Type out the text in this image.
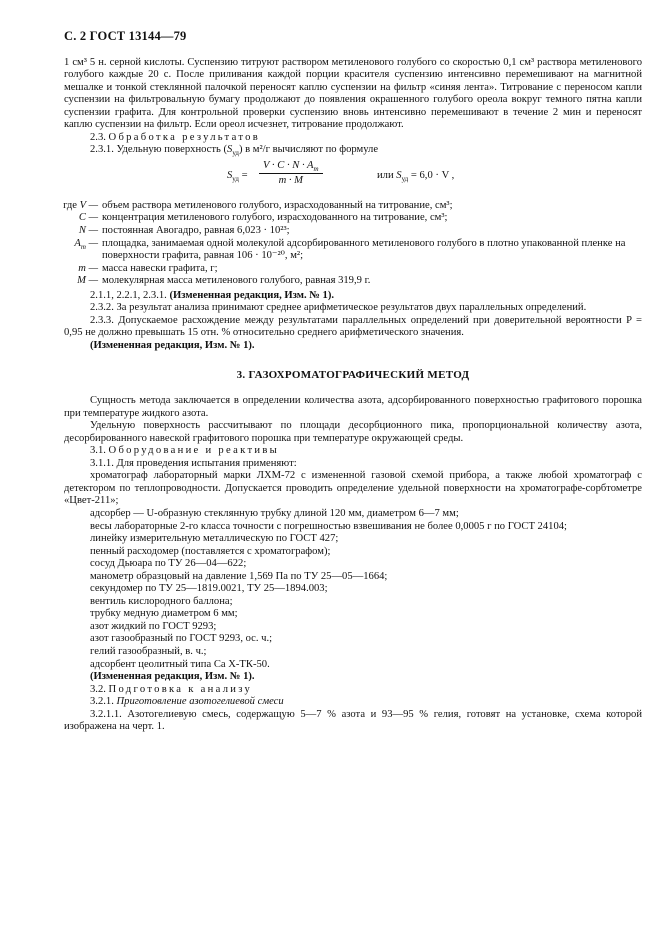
С. 2 ГОСТ 13144—79

1 см³ 5 н. серной кислоты. Суспензию титруют раствором метиленового голубого со скоростью 0,1 см³ раствора метиленового голубого каждые 20 с. После приливания каждой порции красителя суспензию интенсивно перемешивают на магнитной мешалке и тонкой стеклянной палочкой переносят каплю суспензии на фильтр «синяя лента». Титрование с переносом капли суспензии на фильтровальную бумагу продолжают до появления окрашенного голубого ореола вокруг темного пятна капли суспензии графита. Для контрольной проверки суспензию вновь интенсивно перемешивают в течение 2 мин и переносят каплю суспензии на фильтр. Если ореол исчезнет, титрование продолжают.

2.3. Обработка результатов

2.3.1. Удельную поверхность $(S_{уд})$ в м²/г вычисляют по формуле

$S_{уд} = \frac{V \cdot C \cdot N \cdot A_m}{m \cdot M}$	или $S_{уд} = 6,0 \cdot V$ ,
где V — объем раствора метиленового голубого, израсходованный на титрование, см³;
C — концентрация метиленового голубого, израсходованного на титрование, см³;
N — постоянная Авогадро, равная 6,023 · 10²³;
$A_m$ — площадка, занимаемая одной молекулой адсорбированного метиленового голубого в плотно упакованной пленке на поверхности графита, равная 106 · 10⁻²⁰, м²;
m — масса навески графита, г;
M — молекулярная масса метиленового голубого, равная 319,9 г.

2.1.1, 2.2.1, 2.3.1. (Измененная редакция, Изм. № 1).

2.3.2. За результат анализа принимают среднее арифметическое результатов двух параллельных определений.

2.3.3. Допускаемое расхождение между результатами параллельных определений при доверительной вероятности P = 0,95 не должно превышать 15 отн. % относительно среднего арифметического значения.

(Измененная редакция, Изм. № 1).

3. ГАЗОХРОМАТОГРАФИЧЕСКИЙ МЕТОД

Сущность метода заключается в определении количества азота, адсорбированного поверхностью графитового порошка при температуре жидкого азота.

Удельную поверхность рассчитывают по площади десорбционного пика, пропорциональной количеству азота, десорбированного навеской графитового порошка при температуре окружающей среды.

3.1. Оборудование и реактивы

3.1.1. Для проведения испытания применяют:

хроматограф лабораторный марки ЛХМ-72 с измененной газовой схемой прибора, а также любой хроматограф с детектором по теплопроводности. Допускается проводить определение удельной поверхности на хроматографе-сорбтометре «Цвет-211»;

адсорбер — U-образную стеклянную трубку длиной 120 мм, диаметром 6—7 мм;

весы лабораторные 2-го класса точности с погрешностью взвешивания не более 0,0005 г по ГОСТ 24104;

линейку измерительную металлическую по ГОСТ 427;

пенный расходомер (поставляется с хроматографом);

сосуд Дьюара по ТУ 26—04—622;

манометр образцовый на давление 1,569 Па по ТУ 25—05—1664;

секундомер по ТУ 25—1819.0021, ТУ 25—1894.003;

вентиль кислородного баллона;

трубку медную диаметром 6 мм;

азот жидкий по ГОСТ 9293;

азот газообразный по ГОСТ 9293, ос. ч.;

гелий газообразный, в. ч.;

адсорбент цеолитный типа Са Х-ТК-50.

(Измененная редакция, Изм. № 1).

3.2. Подготовка к анализу

3.2.1. Приготовление азотогелиевой смеси

3.2.1.1. Азотогелиевую смесь, содержащую 5—7 % азота и 93—95 % гелия, готовят на установке, схема которой изображена на черт. 1.
